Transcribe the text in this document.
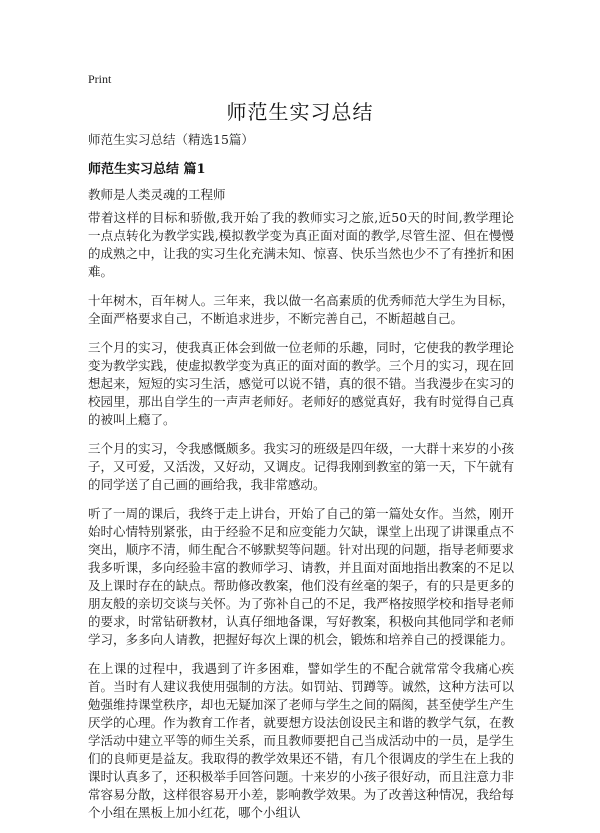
Print
师范生实习总结
师范生实习总结（精选15篇）
师范生实习总结 篇1
教师是人类灵魂的工程师

带着这样的目标和骄傲,我开始了我的教师实习之旅,近50天的时间,教学理论一点点转化为教学实践,模拟教学变为真正面对面的教学,尽管生涩、但在慢慢的成熟之中，让我的实习生化充满未知、惊喜、快乐当然也少不了有挫折和困难。

十年树木，百年树人。三年来，我以做一名高素质的优秀师范大学生为目标，全面严格要求自己，不断追求进步，不断完善自己，不断超越自己。

三个月的实习，使我真正体会到做一位老师的乐趣，同时，它使我的教学理论变为教学实践，使虚拟教学变为真正的面对面的教学。三个月的实习，现在回想起来，短短的实习生活，感觉可以说不错，真的很不错。当我漫步在实习的校园里，那出自学生的一声声老师好。老师好的感觉真好，我有时觉得自己真的被叫上瘾了。

三个月的实习，令我感慨颇多。我实习的班级是四年级，一大群十来岁的小孩子，又可爱，又活泼，又好动，又调皮。记得我刚到教室的第一天，下午就有的同学送了自己画的画给我，我非常感动。

听了一周的课后，我终于走上讲台，开始了自己的第一篇处女作。当然，刚开始时心情特别紧张，由于经验不足和应变能力欠缺，课堂上出现了讲课重点不突出，顺序不清，师生配合不够默契等问题。针对出现的问题，指导老师要求我多听课，多向经验丰富的教师学习、请教，并且面对面地指出教案的不足以及上课时存在的缺点。帮助修改教案，他们没有丝毫的架子，有的只是更多的朋友般的亲切交谈与关怀。为了弥补自己的不足，我严格按照学校和指导老师的要求，时常钻研教材，认真仔细地备课，写好教案，积极向其他同学和老师学习，多多向人请教，把握好每次上课的机会，锻炼和培养自己的授课能力。

在上课的过程中，我遇到了许多困难，譬如学生的不配合就常常令我痛心疾首。当时有人建议我使用强制的方法。如罚站、罚蹲等。诚然，这种方法可以勉强维持课堂秩序，却也无疑加深了老师与学生之间的隔阂，甚至使学生产生厌学的心理。作为教育工作者，就要想方设法创设民主和谐的教学气氛，在教学活动中建立平等的师生关系，而且教师要把自己当成活动中的一员，是学生们的良师更是益友。我取得的教学效果还不错，有几个很调皮的学生在上我的课时认真多了，还积极举手回答问题。十来岁的小孩子很好动，而且注意力非常容易分散，这样很容易开小差，影响教学效果。为了改善这种情况，我给每个小组在黑板上加小红花，哪个小组认
